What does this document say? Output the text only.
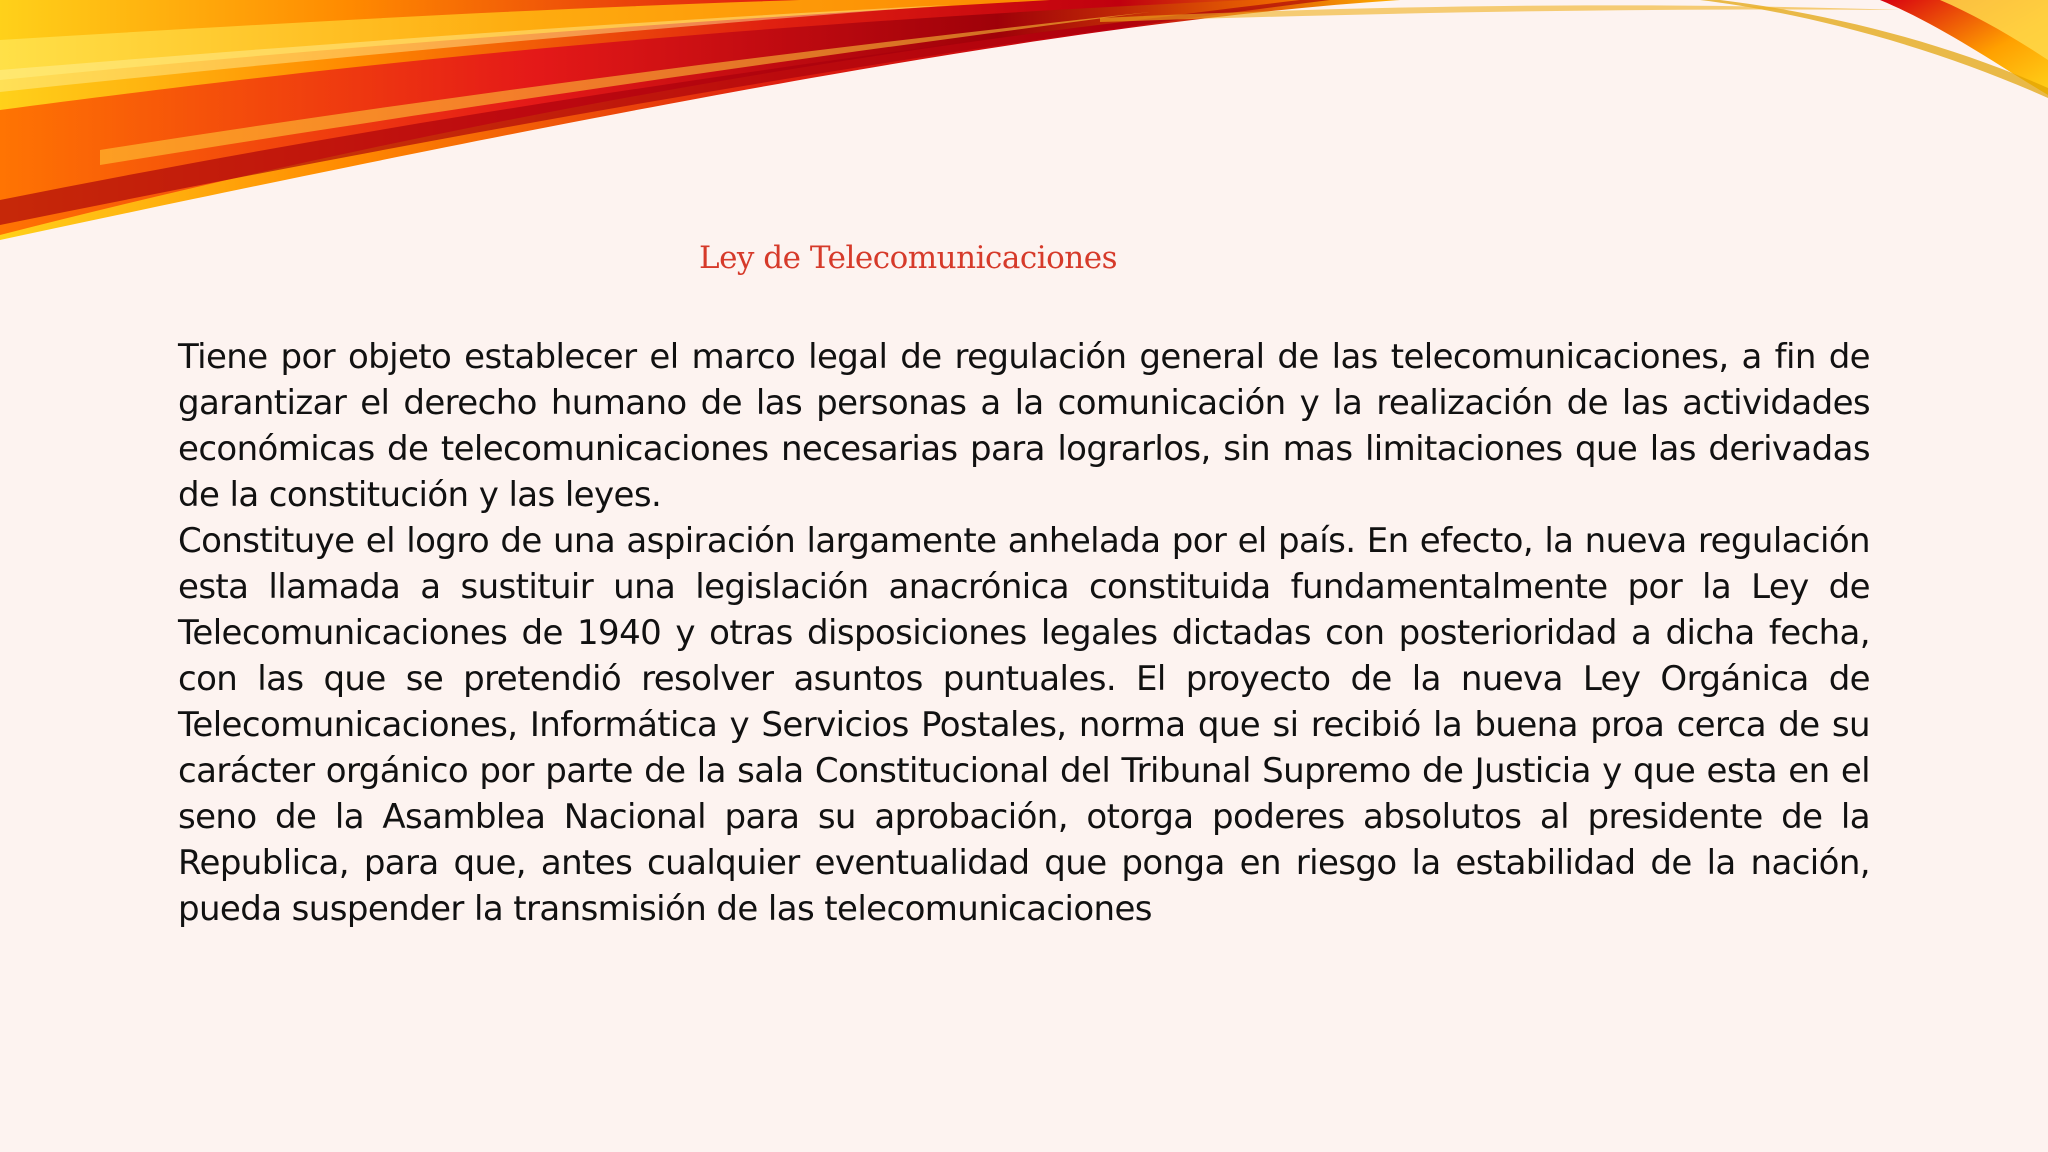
Ley de Telecomunicaciones

Tiene por objeto establecer el marco legal de regulación general de las telecomunicaciones, a fin de garantizar el derecho humano de las personas a la comunicación y la realización de las actividades económicas de telecomunicaciones necesarias para lograrlos, sin mas limitaciones que las derivadas de la constitución y las leyes.

Constituye el logro de una aspiración largamente anhelada por el país. En efecto, la nueva regulación esta llamada a sustituir una legislación anacrónica constituida fundamentalmente por la Ley de Telecomunicaciones de 1940 y otras disposiciones legales dictadas con posterioridad a dicha fecha, con las que se pretendió resolver asuntos puntuales. El proyecto de la nueva Ley Orgánica de Telecomunicaciones, Informática y Servicios Postales, norma que si recibió la buena proa cerca de su carácter orgánico por parte de la sala Constitucional del Tribunal Supremo de Justicia y que esta en el seno de la Asamblea Nacional para su aprobación, otorga poderes absolutos al presidente de la Republica, para que, antes cualquier eventualidad que ponga en riesgo la estabilidad de la nación, pueda suspender la transmisión de las telecomunicaciones
